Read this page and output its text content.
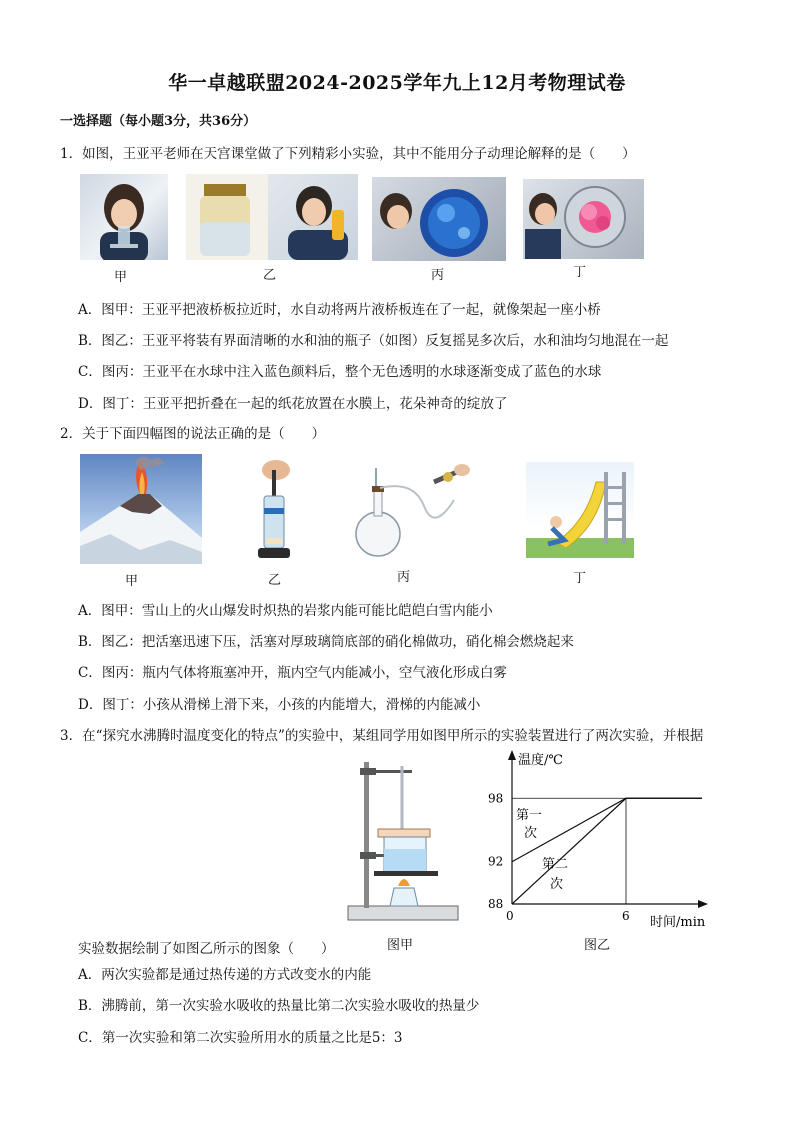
华一卓越联盟2024-2025学年九上12月考物理试卷
一选择题（每小题3分，共36分）
1．如图，王亚平老师在天宫课堂做了下列精彩小实验，其中不能用分子动理论解释的是（　　）
甲	乙	丙	丁
A．图甲：王亚平把液桥板拉近时，水自动将两片液桥板连在了一起，就像架起一座小桥
B．图乙：王亚平将装有界面清晰的水和油的瓶子（如图）反复摇晃多次后，水和油均匀地混在一起
C．图丙：王亚平在水球中注入蓝色颜料后，整个无色透明的水球逐渐变成了蓝色的水球
D．图丁：王亚平把折叠在一起的纸花放置在水膜上，花朵神奇的绽放了
2．关于下面四幅图的说法正确的是（　　）
甲	乙	丙	丁
A．图甲：雪山上的火山爆发时炽热的岩浆内能可能比皑皑白雪内能小
B．图乙：把活塞迅速下压，活塞对厚玻璃筒底部的硝化棉做功，硝化棉会燃烧起来
C．图丙：瓶内气体将瓶塞冲开，瓶内空气内能减小，空气液化形成白雾
D．图丁：小孩从滑梯上滑下来，小孩的内能增大，滑梯的内能减小
3．在“探究水沸腾时温度变化的特点”的实验中，某组同学用如图甲所示的实验装置进行了两次实验，并根据
图甲
温度/℃
时间/min
0	6
88
92
98
第一
次
第二
次
图乙
实验数据绘制了如图乙所示的图象（　　）
A．两次实验都是通过热传递的方式改变水的内能
B．沸腾前，第一次实验水吸收的热量比第二次实验水吸收的热量少
C．第一次实验和第二次实验所用水的质量之比是5：3
